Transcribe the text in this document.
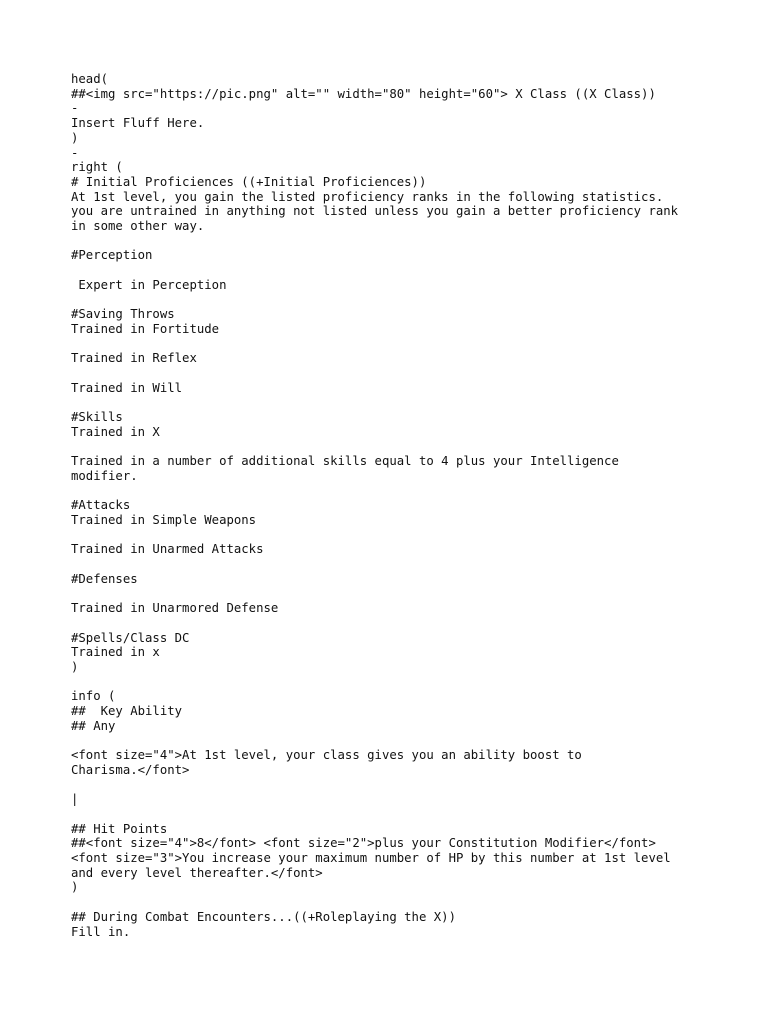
head(
##<img src="https://pic.png" alt="" width="80" height="60"> X Class ((X Class))
-
Insert Fluff Here.
)
-
right (
# Initial Proficiences ((+Initial Proficiences))
At 1st level, you gain the listed proficiency ranks in the following statistics.
you are untrained in anything not listed unless you gain a better proficiency rank
in some other way.
#Perception
Expert in Perception
#Saving Throws
Trained in Fortitude
Trained in Reflex
Trained in Will
#Skills
Trained in X
Trained in a number of additional skills equal to 4 plus your Intelligence
modifier.
#Attacks
Trained in Simple Weapons
Trained in Unarmed Attacks
#Defenses
Trained in Unarmored Defense
#Spells/Class DC
Trained in x
)
info (
##  Key Ability
## Any
<font size="4">At 1st level, your class gives you an ability boost to
Charisma.</font>
|
## Hit Points
##<font size="4">8</font> <font size="2">plus your Constitution Modifier</font>
<font size="3">You increase your maximum number of HP by this number at 1st level
and every level thereafter.</font>
)
## During Combat Encounters...((+Roleplaying the X))
Fill in.
